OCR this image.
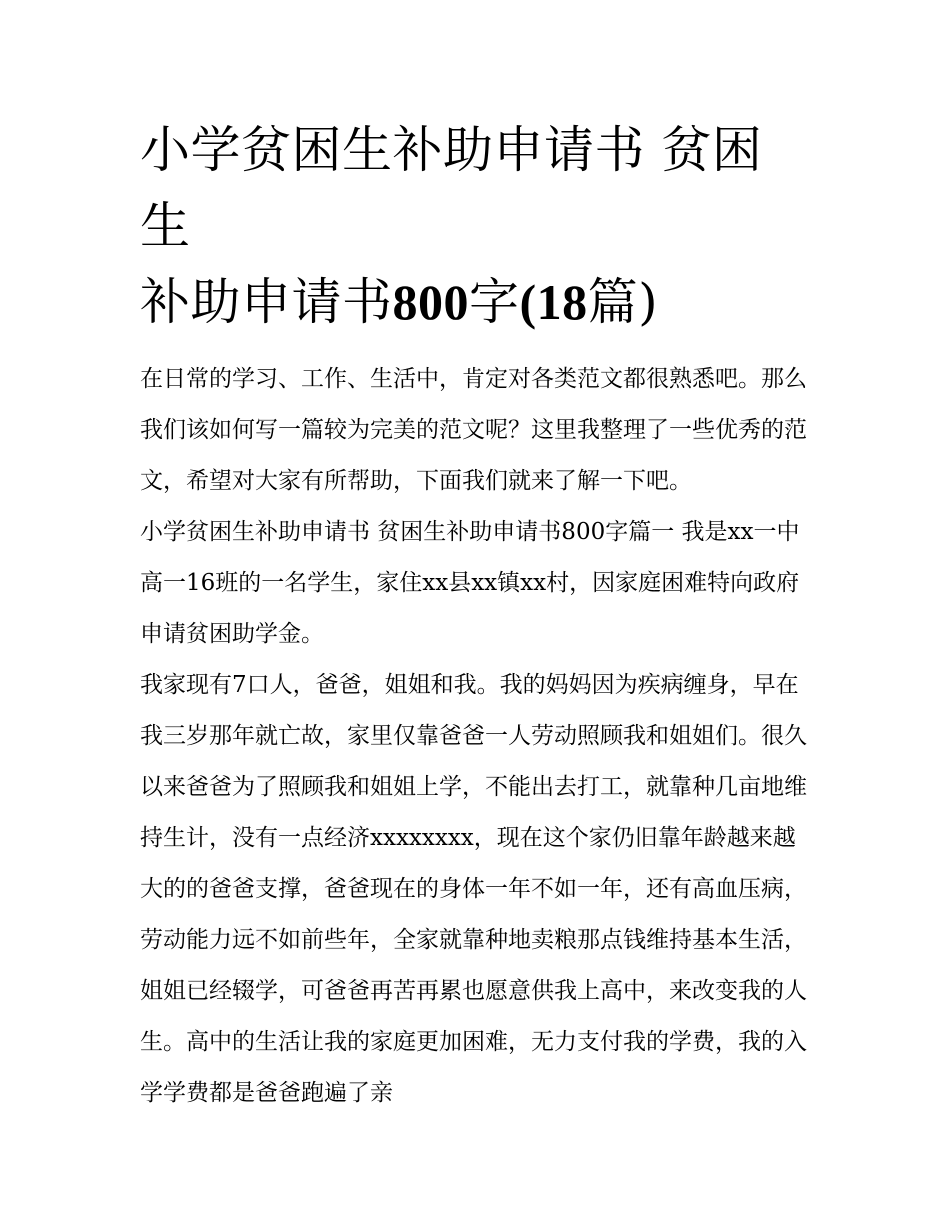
小学贫困生补助申请书 贫困生
补助申请书800字(18篇)

在日常的学习、工作、生活中，肯定对各类范文都很熟悉吧。那么我们该如何写一篇较为完美的范文呢？这里我整理了一些优秀的范文，希望对大家有所帮助，下面我们就来了解一下吧。

小学贫困生补助申请书 贫困生补助申请书800字篇一 我是xx一中高一16班的一名学生，家住xx县xx镇xx村，因家庭困难特向政府申请贫困助学金。

我家现有7口人，爸爸，姐姐和我。我的妈妈因为疾病缠身，早在我三岁那年就亡故，家里仅靠爸爸一人劳动照顾我和姐姐们。很久以来爸爸为了照顾我和姐姐上学，不能出去打工，就靠种几亩地维持生计，没有一点经济xxxxxxxx，现在这个家仍旧靠年龄越来越大的的爸爸支撑，爸爸现在的身体一年不如一年，还有高血压病，劳动能力远不如前些年，全家就靠种地卖粮那点钱维持基本生活，姐姐已经辍学，可爸爸再苦再累也愿意供我上高中，来改变我的人生。高中的生活让我的家庭更加困难，无力支付我的学费，我的入学学费都是爸爸跑遍了亲
